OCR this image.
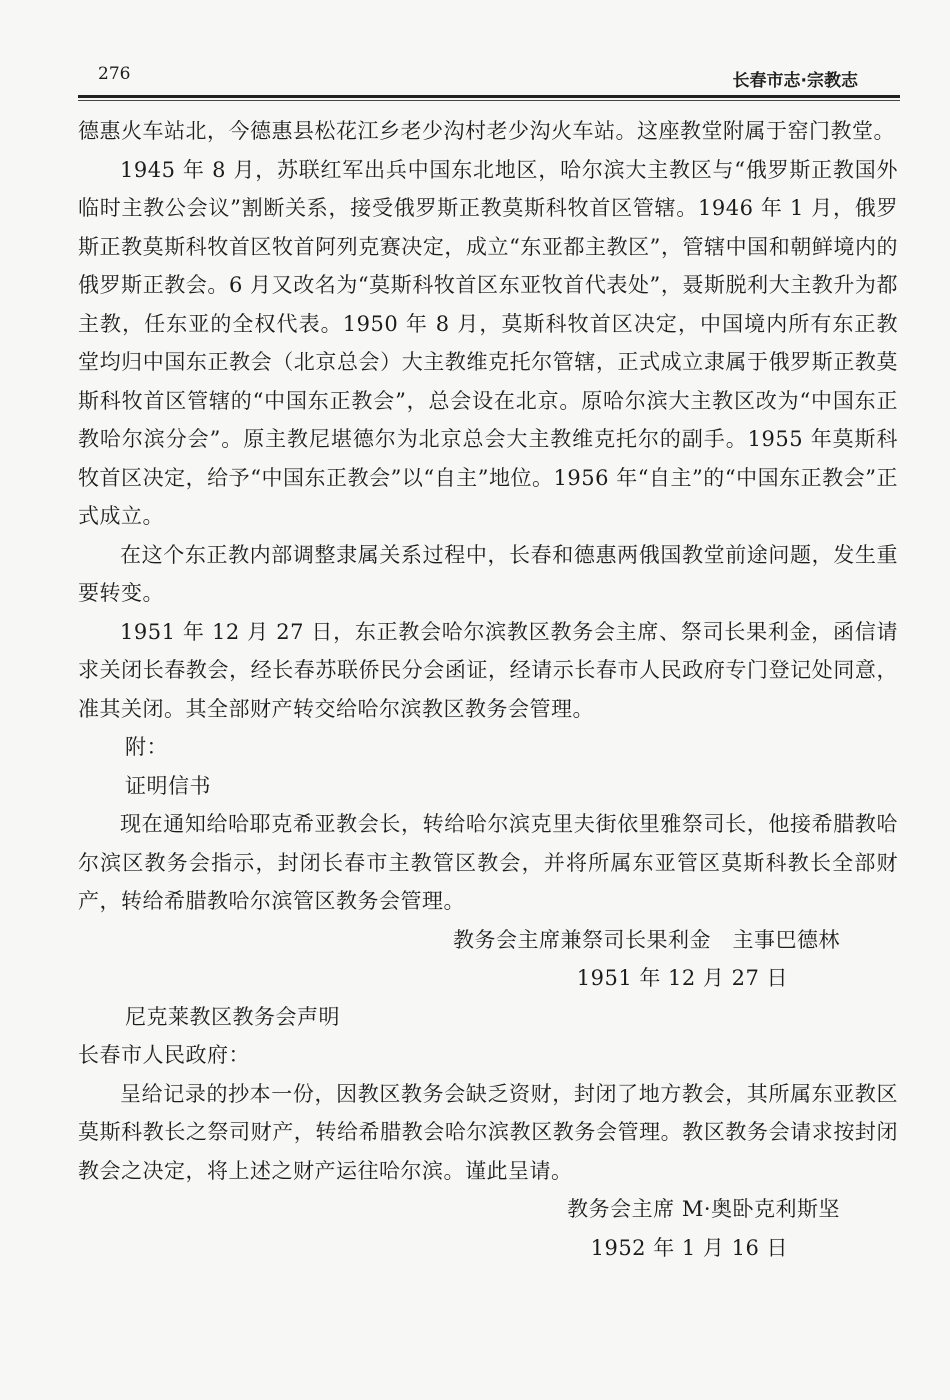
276	长春市志·宗教志

德惠火车站北，今德惠县松花江乡老少沟村老少沟火车站。这座教堂附属于窑门教堂。

1945 年 8 月，苏联红军出兵中国东北地区，哈尔滨大主教区与“俄罗斯正教国外临时主教公会议”割断关系，接受俄罗斯正教莫斯科牧首区管辖。1946 年 1 月，俄罗斯正教莫斯科牧首区牧首阿列克赛决定，成立“东亚都主教区”，管辖中国和朝鲜境内的俄罗斯正教会。6 月又改名为“莫斯科牧首区东亚牧首代表处”，聂斯脱利大主教升为都主教，任东亚的全权代表。1950 年 8 月，莫斯科牧首区决定，中国境内所有东正教堂均归中国东正教会（北京总会）大主教维克托尔管辖，正式成立隶属于俄罗斯正教莫斯科牧首区管辖的“中国东正教会”，总会设在北京。原哈尔滨大主教区改为“中国东正教哈尔滨分会”。原主教尼堪德尔为北京总会大主教维克托尔的副手。1955 年莫斯科牧首区决定，给予“中国东正教会”以“自主”地位。1956 年“自主”的“中国东正教会”正式成立。

在这个东正教内部调整隶属关系过程中，长春和德惠两俄国教堂前途问题，发生重要转变。

1951 年 12 月 27 日，东正教会哈尔滨教区教务会主席、祭司长果利金，函信请求关闭长春教会，经长春苏联侨民分会函证，经请示长春市人民政府专门登记处同意，准其关闭。其全部财产转交给哈尔滨教区教务会管理。

附：

证明信书

现在通知给哈耶克希亚教会长，转给哈尔滨克里夫街依里雅祭司长，他接希腊教哈尔滨区教务会指示，封闭长春市主教管区教会，并将所属东亚管区莫斯科教长全部财产，转给希腊教哈尔滨管区教务会管理。

教务会主席兼祭司长果利金　主事巴德林

1951 年 12 月 27 日

尼克莱教区教务会声明

长春市人民政府：

呈给记录的抄本一份，因教区教务会缺乏资财，封闭了地方教会，其所属东亚教区莫斯科教长之祭司财产，转给希腊教会哈尔滨教区教务会管理。教区教务会请求按封闭教会之决定，将上述之财产运往哈尔滨。谨此呈请。

教务会主席 M·奥卧克利斯坚

1952 年 1 月 16 日
